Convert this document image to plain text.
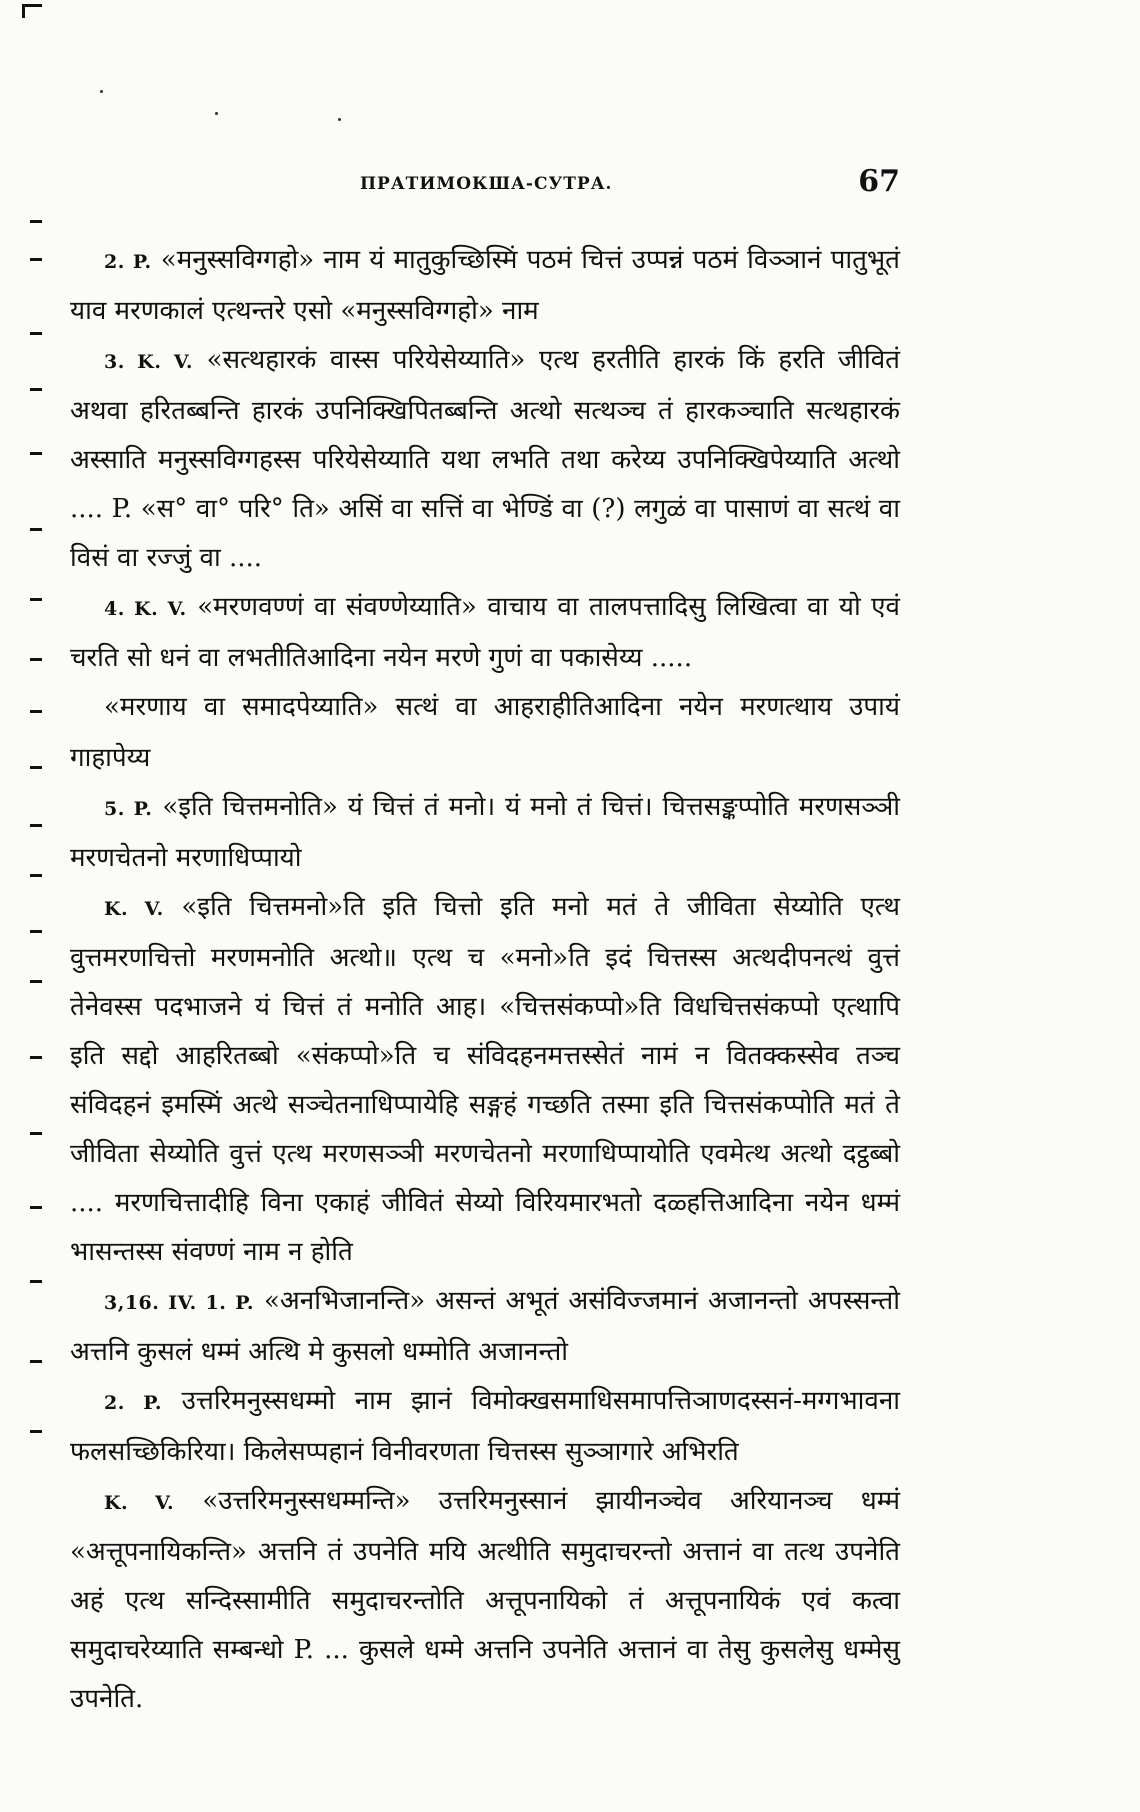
ПРАТИМОКША-СУТРА.	67

2. P. «मनुस्सविग्गहो» नाम यं मातुकुच्छिस्मिं पठमं चित्तं उप्पन्नं पठमं विञ्ञानं पातुभूतं याव मरणकालं एत्थन्तरे एसो «मनुस्सविग्गहो» नाम

3. K. V. «सत्थहारकं वास्स परियेसेय्याति» एत्थ हरतीति हारकं किं हरति जीवितं अथवा हरितब्बन्ति हारकं उपनिक्खिपितब्बन्ति अत्थो सत्थञ्च तं हारकञ्चाति सत्थहारकं अस्साति मनुस्सविग्गहस्स परियेसेय्याति यथा लभति तथा करेय्य उपनिक्खिपेय्याति अत्थो .... P. «स° वा° परि° ति» असिं वा सत्तिं वा भेण्डिं वा (?) लगुळं वा पासाणं वा सत्थं वा विसं वा रज्जुं वा ....

4. K. V. «मरणवण्णं वा संवण्णेय्याति» वाचाय वा तालपत्तादिसु लिखित्वा वा यो एवं चरति सो धनं वा लभतीतिआदिना नयेन मरणे गुणं वा पकासेय्य .....

«मरणाय वा समादपेय्याति» सत्थं वा आहराहीतिआदिना नयेन मरणत्थाय उपायं गाहापेय्य

5. P. «इति चित्तमनोति» यं चित्तं तं मनो। यं मनो तं चित्तं। चित्तसङ्कप्पोति मरणसञ्ञी मरणचेतनो मरणाधिप्पायो

K. V. «इति चित्तमनो»ति इति चित्तो इति मनो मतं ते जीविता सेय्योति एत्थ वुत्तमरणचित्तो मरणमनोति अत्थो॥ एत्थ च «मनो»ति इदं चित्तस्स अत्थदीपनत्थं वुत्तं तेनेवस्स पदभाजने यं चित्तं तं मनोति आह। «चित्तसंकप्पो»ति विधचित्तसंकप्पो एत्थापि इति सद्दो आहरितब्बो «संकप्पो»ति च संविदहनमत्तस्सेतं नामं न वितक्कस्सेव तञ्च संविदहनं इमस्मिं अत्थे सञ्चेतनाधिप्पायेहि सङ्गहं गच्छति तस्मा इति चित्तसंकप्पोति मतं ते जीविता सेय्योति वुत्तं एत्थ मरणसञ्ञी मरणचेतनो मरणाधिप्पायोति एवमेत्थ अत्थो दट्ठब्बो .... मरणचित्तादीहि विना एकाहं जीवितं सेय्यो विरियमारभतो दळ्हत्तिआदिना नयेन धम्मं भासन्तस्स संवण्णं नाम न होति

3,16. IV. 1. P. «अनभिजानन्ति» असन्तं अभूतं असंविज्जमानं अजानन्तो अपस्सन्तो अत्तनि कुसलं धम्मं अत्थि मे कुसलो धम्मोति अजानन्तो

2. P. उत्तरिमनुस्सधम्मो नाम झानं विमोक्खसमाधिसमापत्तिञाणदस्सनं-मग्गभावना फलसच्छिकिरिया। किलेसप्पहानं विनीवरणता चित्तस्स सुञ्ञागारे अभिरति

K. V. «उत्तरिमनुस्सधम्मन्ति» उत्तरिमनुस्सानं झायीनञ्चेव अरियानञ्च धम्मं «अत्तूपनायिकन्ति» अत्तनि तं उपनेति मयि अत्थीति समुदाचरन्तो अत्तानं वा तत्थ उपनेति अहं एत्थ सन्दिस्सामीति समुदाचरन्तोति अत्तूपनायिको तं अत्तूपनायिकं एवं कत्वा समुदाचरेय्याति सम्बन्धो P. ... कुसले धम्मे अत्तनि उपनेति अत्तानं वा तेसु कुसलेसु धम्मेसु उपनेति.
